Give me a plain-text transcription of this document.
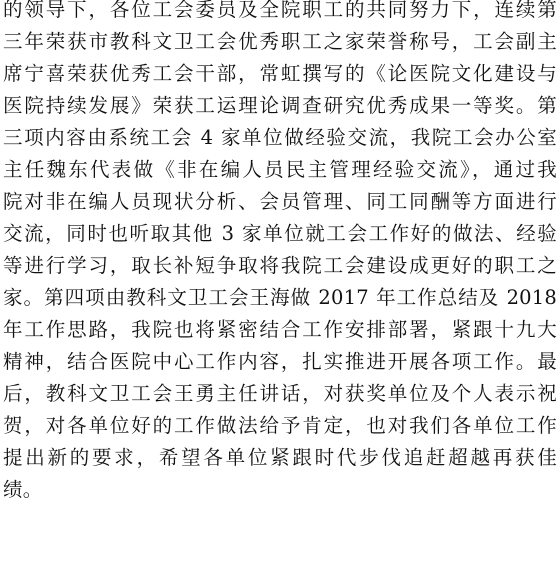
的领导下，各位工会委员及全院职工的共同努力下，连续第
三年荣获市教科文卫工会优秀职工之家荣誉称号，工会副主
席宁喜荣获优秀工会干部，常虹撰写的《论医院文化建设与
医院持续发展》荣获工运理论调查研究优秀成果一等奖。第
三项内容由系统工会 4 家单位做经验交流，我院工会办公室
主任魏东代表做《非在编人员民主管理经验交流》，通过我
院对非在编人员现状分析、会员管理、同工同酬等方面进行
交流，同时也听取其他 3 家单位就工会工作好的做法、经验
等进行学习，取长补短争取将我院工会建设成更好的职工之
家。第四项由教科文卫工会王海做 2017 年工作总结及 2018
年工作思路，我院也将紧密结合工作安排部署，紧跟十九大
精神，结合医院中心工作内容，扎实推进开展各项工作。最
后，教科文卫工会王勇主任讲话，对获奖单位及个人表示祝
贺，对各单位好的工作做法给予肯定，也对我们各单位工作
提出新的要求，希望各单位紧跟时代步伐追赶超越再获佳
绩。
